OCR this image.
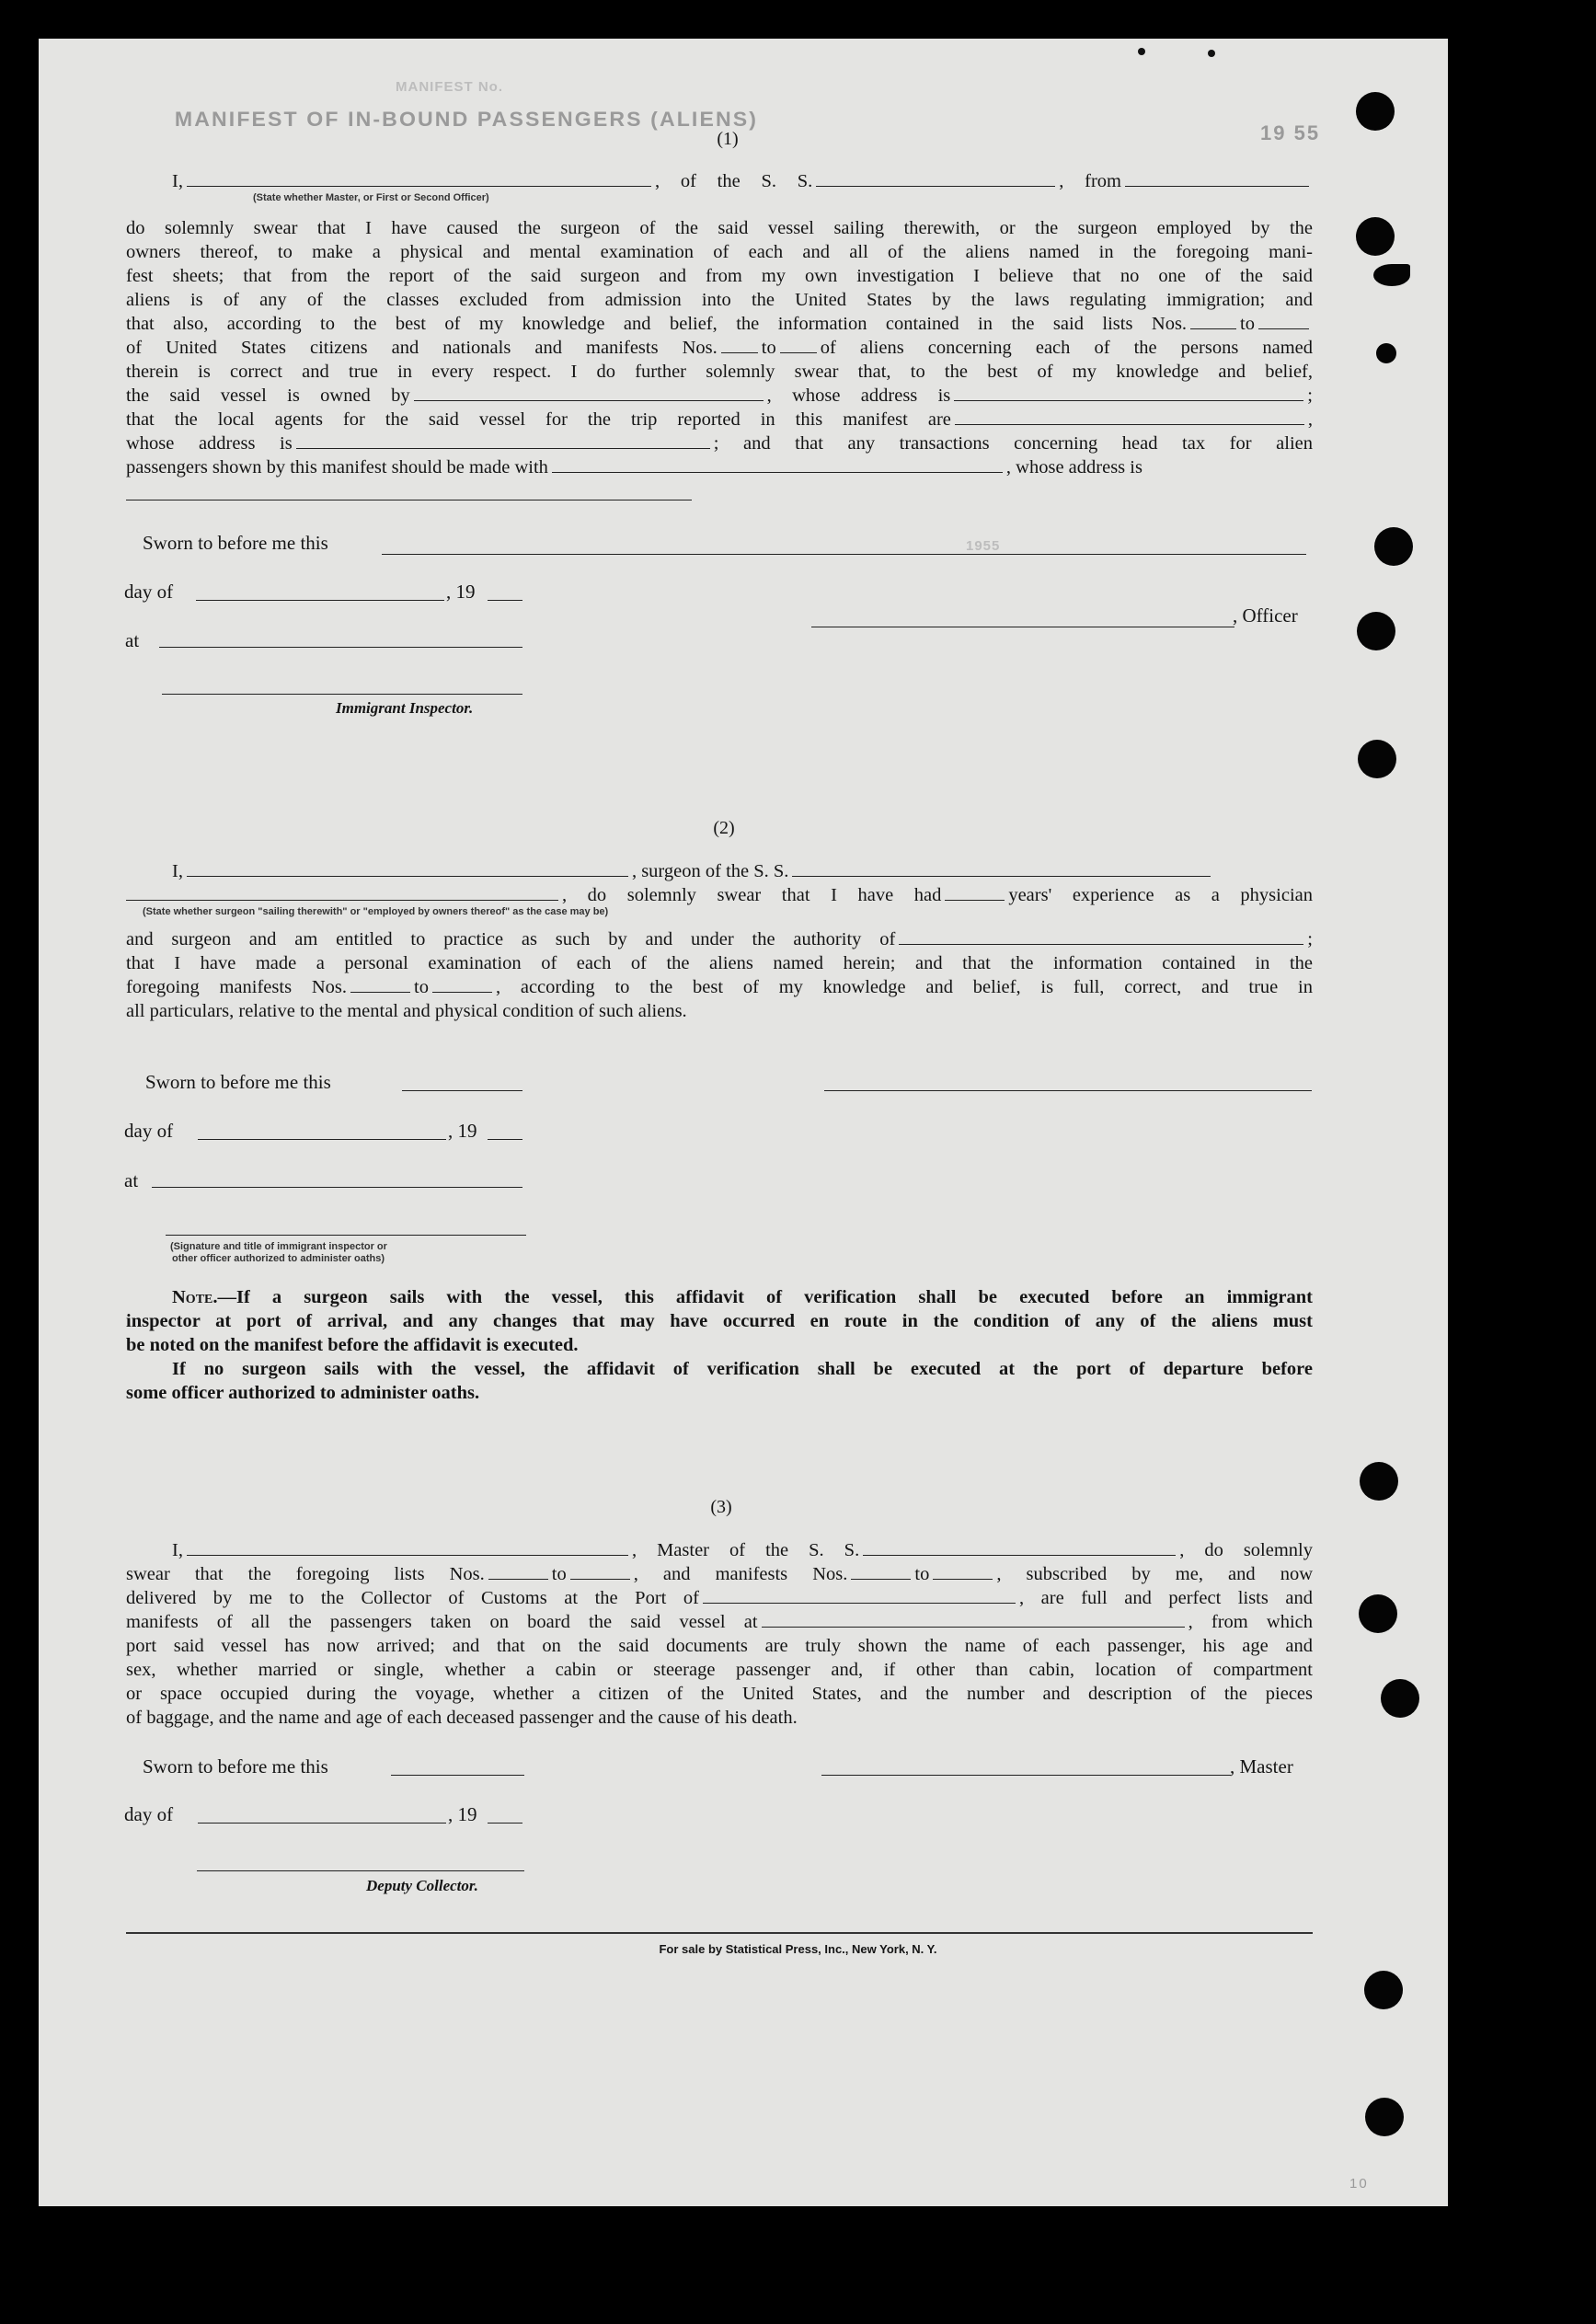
MANIFEST OF IN-BOUND PASSENGERS (ALIENS)
MANIFEST No.
19 55
1955
(1)
I,	, of the S. S.	, from
(State whether Master, or First or Second Officer)
do solemnly swear that I have caused the surgeon of the said vessel sailing therewith, or the surgeon employed by the
owners thereof, to make a physical and mental examination of each and all of the aliens named in the foregoing mani-
fest sheets; that from the report of the said surgeon and from my own investigation I believe that no one of the said
aliens is of any of the classes excluded from admission into the United States by the laws regulating immigration; and
that also, according to the best of my knowledge and belief, the information contained in the said lists Nos.	to
of United States citizens and nationals and manifests Nos. to of aliens concerning each of the persons named
therein is correct and true in every respect. I do further solemnly swear that, to the best of my knowledge and belief,
the said vessel is owned by	, whose address is	;
that the local agents for the said vessel for the trip reported in this manifest are	,
whose address is	; and that any transactions concerning head tax for alien
passengers shown by this manifest should be made with	, whose address is
Sworn to before me this
day of	, 19
, Officer
at
Immigrant Inspector.
(2)
I,	, surgeon of the S. S.
, do solemnly swear that I have had	years' experience as a physician
(State whether surgeon "sailing therewith" or "employed by owners thereof" as the case may be)
and surgeon and am entitled to practice as such by and under the authority of	;
that I have made a personal examination of each of the aliens named herein; and that the information contained in the
foregoing manifests Nos.	to	, according to the best of my knowledge and belief, is full, correct, and true in
all particulars, relative to the mental and physical condition of such aliens.
Sworn to before me this
day of	, 19
at
(Signature and title of immigrant inspector or
other officer authorized to administer oaths)
Note.—If a surgeon sails with the vessel, this affidavit of verification shall be executed before an immigrant
inspector at port of arrival, and any changes that may have occurred en route in the condition of any of the aliens must
be noted on the manifest before the affidavit is executed.
If no surgeon sails with the vessel, the affidavit of verification shall be executed at the port of departure before
some officer authorized to administer oaths.
(3)
I,	, Master of the S. S.	, do solemnly
swear that the foregoing lists Nos.	to	, and manifests Nos.	to	, subscribed by me, and now
delivered by me to the Collector of Customs at the Port of	, are full and perfect lists and
manifests of all the passengers taken on board the said vessel at	, from which
port said vessel has now arrived; and that on the said documents are truly shown the name of each passenger, his age and
sex, whether married or single, whether a cabin or steerage passenger and, if other than cabin, location of compartment
or space occupied during the voyage, whether a citizen of the United States, and the number and description of the pieces
of baggage, and the name and age of each deceased passenger and the cause of his death.
Sworn to before me this	, Master
day of	, 19
Deputy Collector.
For sale by Statistical Press, Inc., New York, N. Y.
10
